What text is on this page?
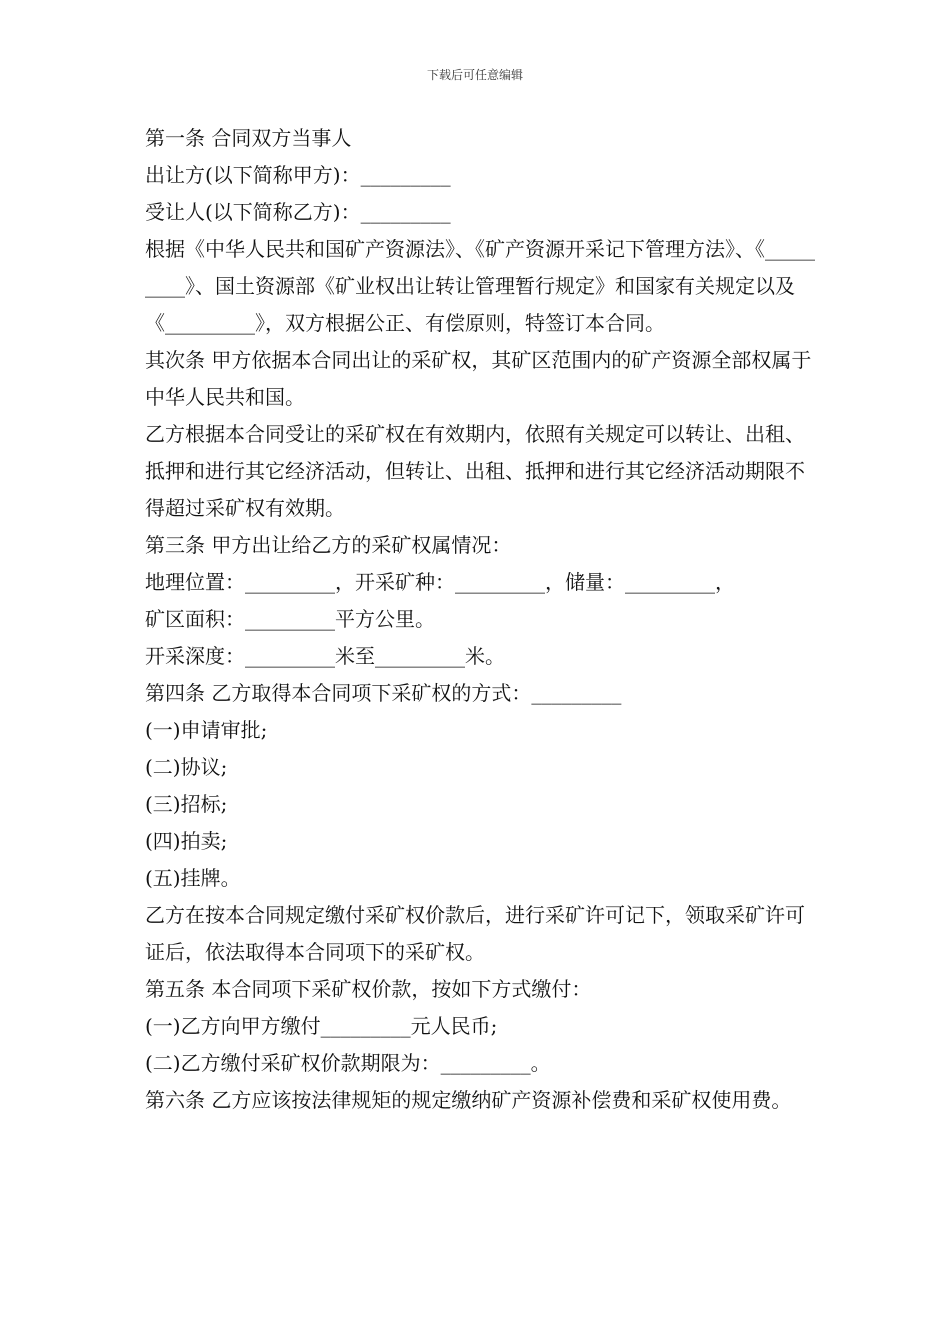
下载后可任意编辑

第一条 合同双方当事人

出让方(以下简称甲方)：_________

受让人(以下简称乙方)：_________

根据《中华人民共和国矿产资源法》、《矿产资源开采记下管理方法》、《_________》、国土资源部《矿业权出让转让管理暂行规定》和国家有关规定以及《_________》，双方根据公正、有偿原则，特签订本合同。

其次条 甲方依据本合同出让的采矿权，其矿区范围内的矿产资源全部权属于中华人民共和国。

乙方根据本合同受让的采矿权在有效期内，依照有关规定可以转让、出租、抵押和进行其它经济活动，但转让、出租、抵押和进行其它经济活动期限不得超过采矿权有效期。

第三条 甲方出让给乙方的采矿权属情况：

地理位置：_________，开采矿种：_________，储量：_________，

矿区面积：_________平方公里。

开采深度：_________米至_________米。

第四条 乙方取得本合同项下采矿权的方式：_________

(一)申请审批;

(二)协议;

(三)招标;

(四)拍卖;

(五)挂牌。

乙方在按本合同规定缴付采矿权价款后，进行采矿许可记下，领取采矿许可证后，依法取得本合同项下的采矿权。

第五条 本合同项下采矿权价款，按如下方式缴付：

(一)乙方向甲方缴付_________元人民币;

(二)乙方缴付采矿权价款期限为：_________。

第六条 乙方应该按法律规矩的规定缴纳矿产资源补偿费和采矿权使用费。
